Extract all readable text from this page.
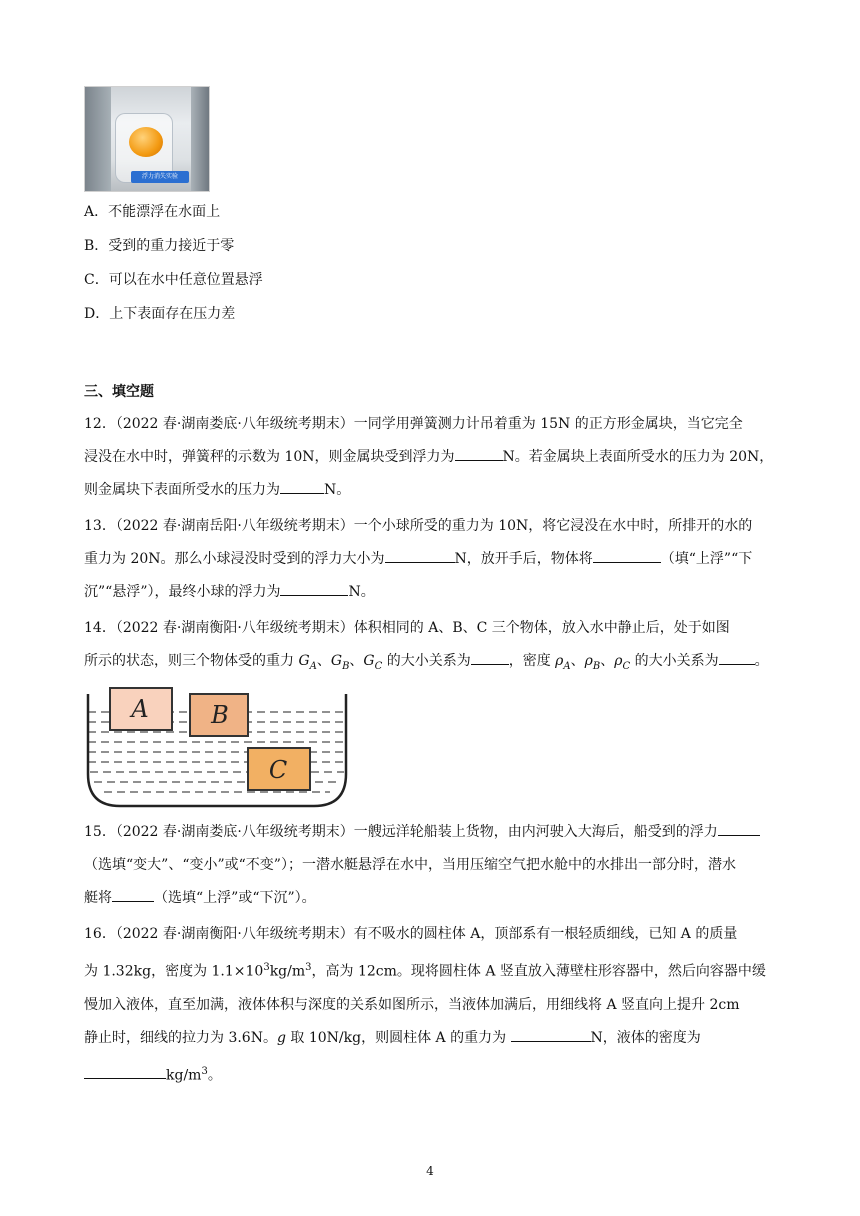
浮力消失实验
A．不能漂浮在水面上
B．受到的重力接近于零
C．可以在水中任意位置悬浮
D．上下表面存在压力差
三、填空题

12．（2022 春·湖南娄底·八年级统考期末）一同学用弹簧测力计吊着重为 15N 的正方形金属块，当它完全

浸没在水中时，弹簧秤的示数为 10N，则金属块受到浮力为	N。若金属块上表面所受水的压力为 20N，

则金属块下表面所受水的压力为	N。

13．（2022 春·湖南岳阳·八年级统考期末）一个小球所受的重力为 10N，将它浸没在水中时，所排开的水的

重力为 20N。那么小球浸没时受到的浮力大小为	N，放开手后，物体将	（填“上浮”“下

沉”“悬浮”），最终小球的浮力为	N。

14．（2022 春·湖南衡阳·八年级统考期末）体积相同的 A、B、C 三个物体，放入水中静止后，处于如图

所示的状态，则三个物体受的重力 $G_A$、$G_B$、$G_C$ 的大小关系为	，密度 $\rho_A$、$\rho_B$、$\rho_C$ 的大小关系为	。

A	B
C

15．（2022 春·湖南娄底·八年级统考期末）一艘远洋轮船装上货物，由内河驶入大海后，船受到的浮力

（选填“变大”、“变小”或“不变”）；一潜水艇悬浮在水中，当用压缩空气把水舱中的水排出一部分时，潜水

艇将	（选填“上浮”或“下沉”）。

16．（2022 春·湖南衡阳·八年级统考期末）有不吸水的圆柱体 A，顶部系有一根轻质细线，已知 A 的质量

为 1.32kg，密度为 $1.1\times 10^3kg/m^3$，高为 12cm。现将圆柱体 A 竖直放入薄壁柱形容器中，然后向容器中缓

慢加入液体，直至加满，液体体积与深度的关系如图所示，当液体加满后，用细线将 A 竖直向上提升 2cm

静止时，细线的拉力为 3.6N。g 取 10N/kg，则圆柱体 A 的重力为	N，液体的密度为

$kg/m^3$。

4
